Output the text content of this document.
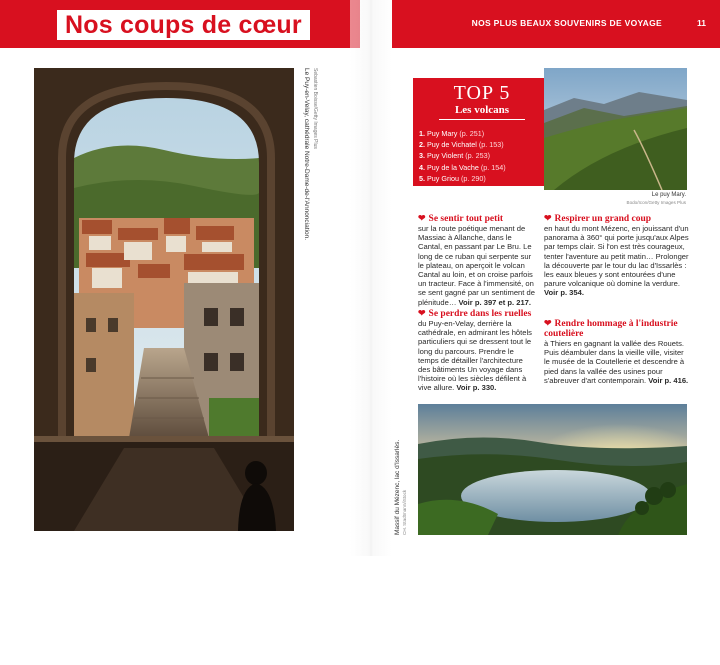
Nos coups de cœur
Le Puy-en-Velay, cathédrale Notre-Dame-de-l'Annonciation. Sebastien Boisse/Getty Images Plus
NOS PLUS BEAUX SOUVENIRS DE VOYAGE	11
TOP 5
Les volcans
1. Puy Mary (p. 251)
2. Puy de Vichatel (p. 153)
3. Puy Violent (p. 253)
4. Puy de la Vache (p. 154)
5. Puy Griou (p. 290)
Le puy Mary.
Bodo/Icon/Getty Images Plus
❤ Se sentir tout petit
sur la route poétique menant de Massiac à Allanche, dans le Cantal, en passant par Le Bru. Le long de ce ruban qui serpente sur le plateau, on aperçoit le volcan Cantal au loin, et on croise parfois un tracteur. Face à l'immensité, on se sent gagné par un sentiment de plénitude… Voir p. 397 et p. 217.
❤ Se perdre dans les ruelles
du Puy-en-Velay, derrière la cathédrale, en admirant les hôtels particuliers qui se dressent tout le long du parcours. Prendre le temps de détailler l'architecture des bâtiments Un voyage dans l'histoire où les siècles défilent à vive allure. Voir p. 330.
❤ Respirer un grand coup
en haut du mont Mézenc, en jouissant d'un panorama à 360° qui porte jusqu'aux Alpes par temps clair. Si l'on est très courageux, tenter l'aventure au petit matin… Prolonger la découverte par le tour du lac d'Issarlès : les eaux bleues y sont entourées d'une parure volcanique où domine la verdure. Voir p. 354.
❤ Rendre hommage à l'industrie coutelière
à Thiers en gagnant la vallée des Rouets. Puis déambuler dans la vieille ville, visiter le musée de la Coutellerie et descendre à pied dans la vallée des usines pour s'abreuver d'art contemporain. Voir p. 416.
Massif du Mézenc, lac d'Issarlès. CH. Stadtmann/iStock
